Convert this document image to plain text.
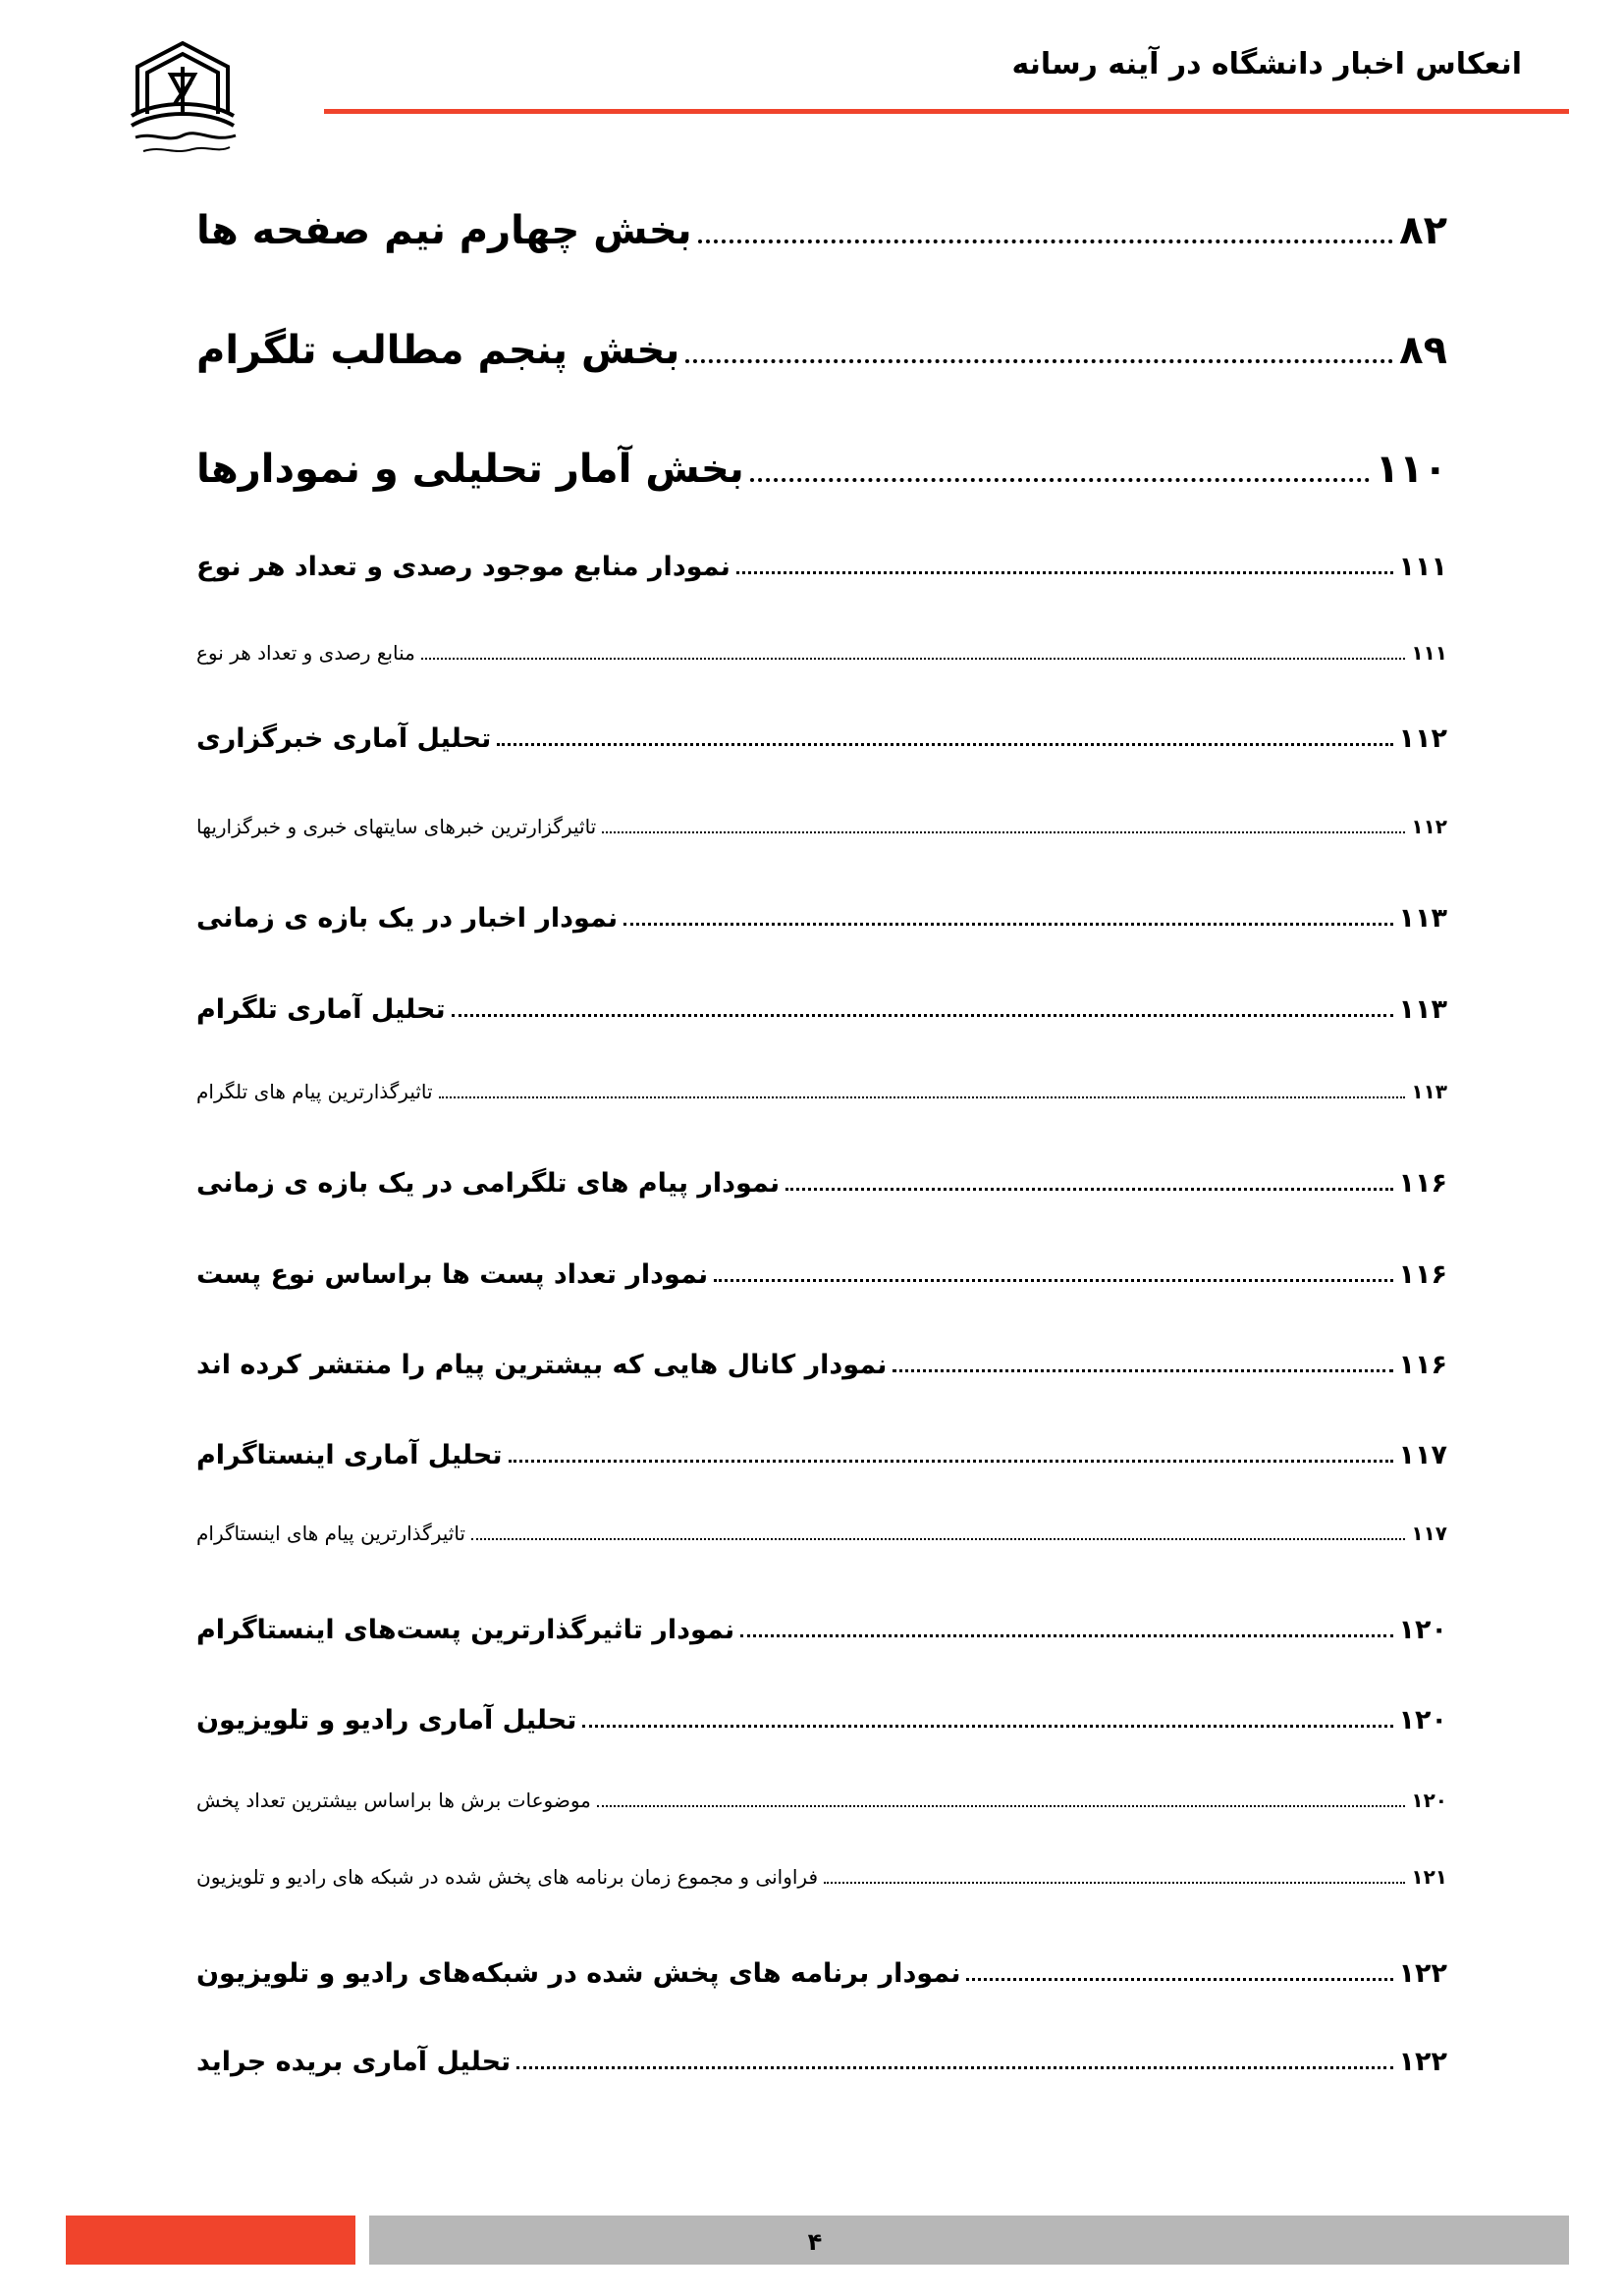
انعکاس اخبار دانشگاه در آینه رسانه
بخش چهارم نیم صفحه ها	۸۲
بخش پنجم مطالب تلگرام	۸۹
بخش آمار تحلیلی و نمودارها	۱۱۰
نمودار منابع موجود رصدی و تعداد هر نوع	۱۱۱
منابع رصدی و تعداد هر نوع	۱۱۱
تحلیل آماری خبرگزاری	۱۱۲
تاثیرگزارترین خبرهای سایتهای خبری و خبرگزاریها	۱۱۲
نمودار اخبار در یک بازه ی زمانی	۱۱۳
تحلیل آماری تلگرام	۱۱۳
تاثیرگذارترین پیام های تلگرام	۱۱۳
نمودار پیام های تلگرامی در یک بازه ی زمانی	۱۱۶
نمودار تعداد پست ها براساس نوع پست	۱۱۶
نمودار کانال هایی که بیشترین پیام را منتشر کرده اند	۱۱۶
تحلیل آماری اینستاگرام	۱۱۷
تاثیرگذارترین پیام های اینستاگرام	۱۱۷
نمودار تاثیرگذارترین پست‌های اینستاگرام	۱۲۰
تحلیل آماری رادیو و تلویزیون	۱۲۰
موضوعات برش ها براساس بیشترین تعداد پخش	۱۲۰
فراوانی و مجموع زمان برنامه های پخش شده در شبکه های رادیو و تلویزیون	۱۲۱
نمودار برنامه های پخش شده در شبکه‌های رادیو و تلویزیون	۱۲۲
تحلیل آماری بریده جراید	۱۲۲
۴
